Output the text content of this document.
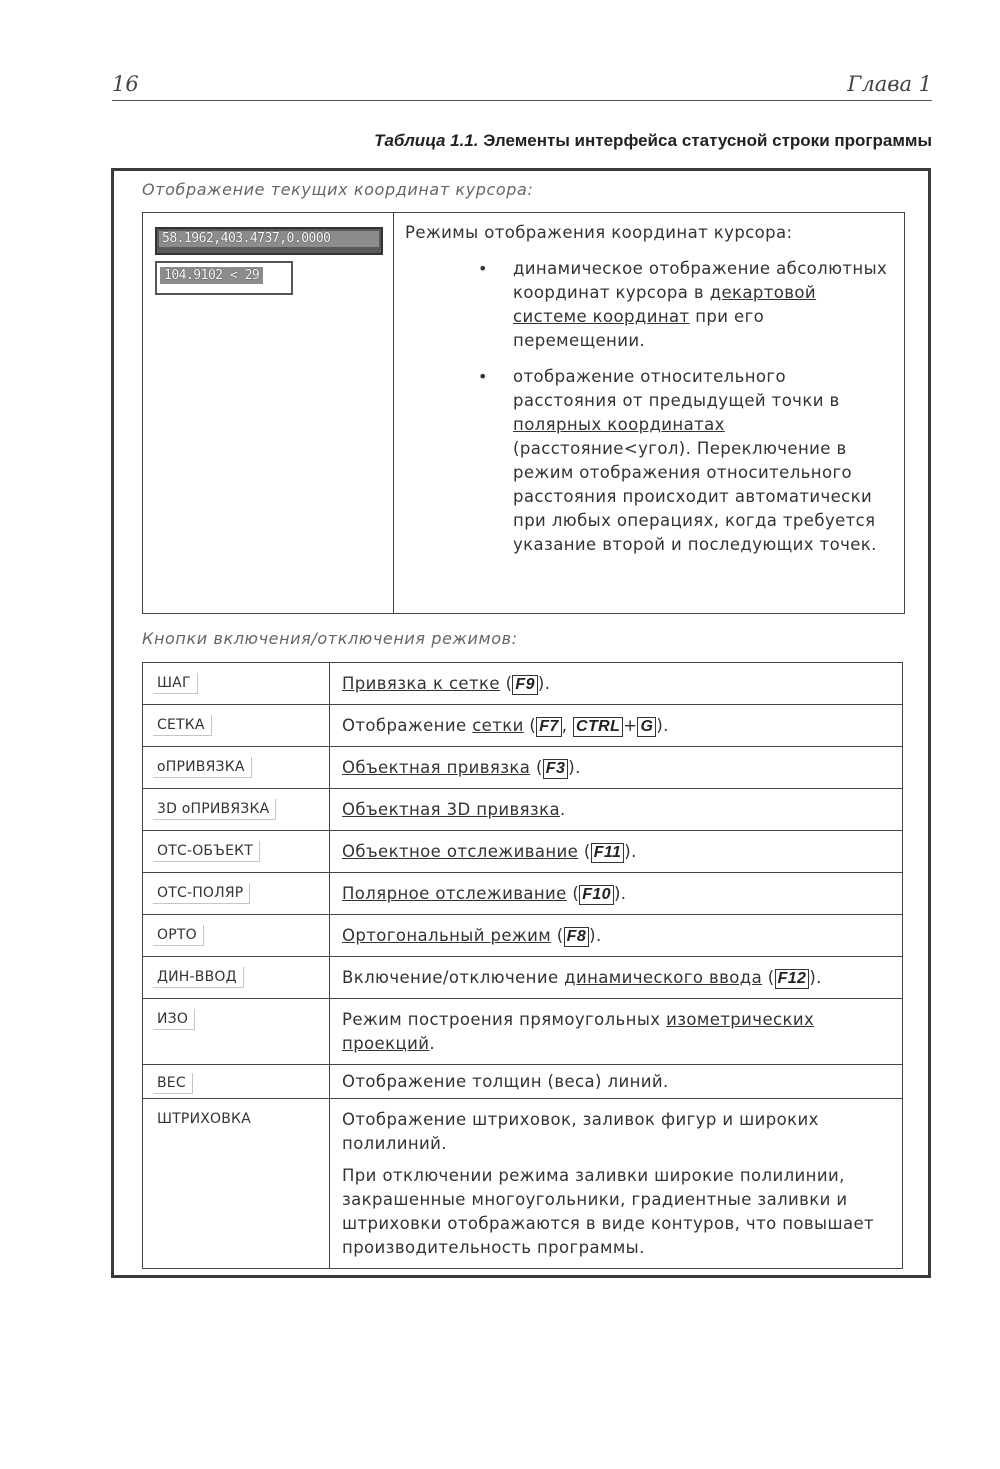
16	Глава 1
Таблица 1.1. Элементы интерфейса статусной строки программы
Отображение текущих координат курсора:
58.1962,403.4737,0.0000
104.9102 < 29
Режимы отображения координат курсора:
• динамическое отображение абсолютных координат курсора в декартовой системе координат при его перемещении.
• отображение относительного расстояния от предыдущей точки в полярных координатах (расстояние<угол). Переключение в режим отображения относительного расстояния происходит автоматически при любых операциях, когда требуется указание второй и последующих точек.
Кнопки включения/отключения режимов:
ШАГ	Привязка к сетке ( F9 ).
СЕТКА	Отображение сетки ( F7 , CTRL + G ).
оПРИВЯЗКА	Объектная привязка ( F3 ).
3D оПРИВЯЗКА	Объектная 3D привязка.
ОТС-ОБЪЕКТ	Объектное отслеживание ( F11 ).
ОТС-ПОЛЯР	Полярное отслеживание ( F10 ).
ОРТО	Ортогональный режим ( F8 ).
ДИН-ВВОД	Включение/отключение динамического ввода ( F12 ).
ИЗО	Режим построения прямоугольных изометрических проекций.
ВЕС	Отображение толщин (веса) линий.
ШТРИХОВКА	Отображение штриховок, заливок фигур и широких полилиний.
При отключении режима заливки широкие полилинии, закрашенные многоугольники, градиентные заливки и штриховки отображаются в виде контуров, что повышает производительность программы.
